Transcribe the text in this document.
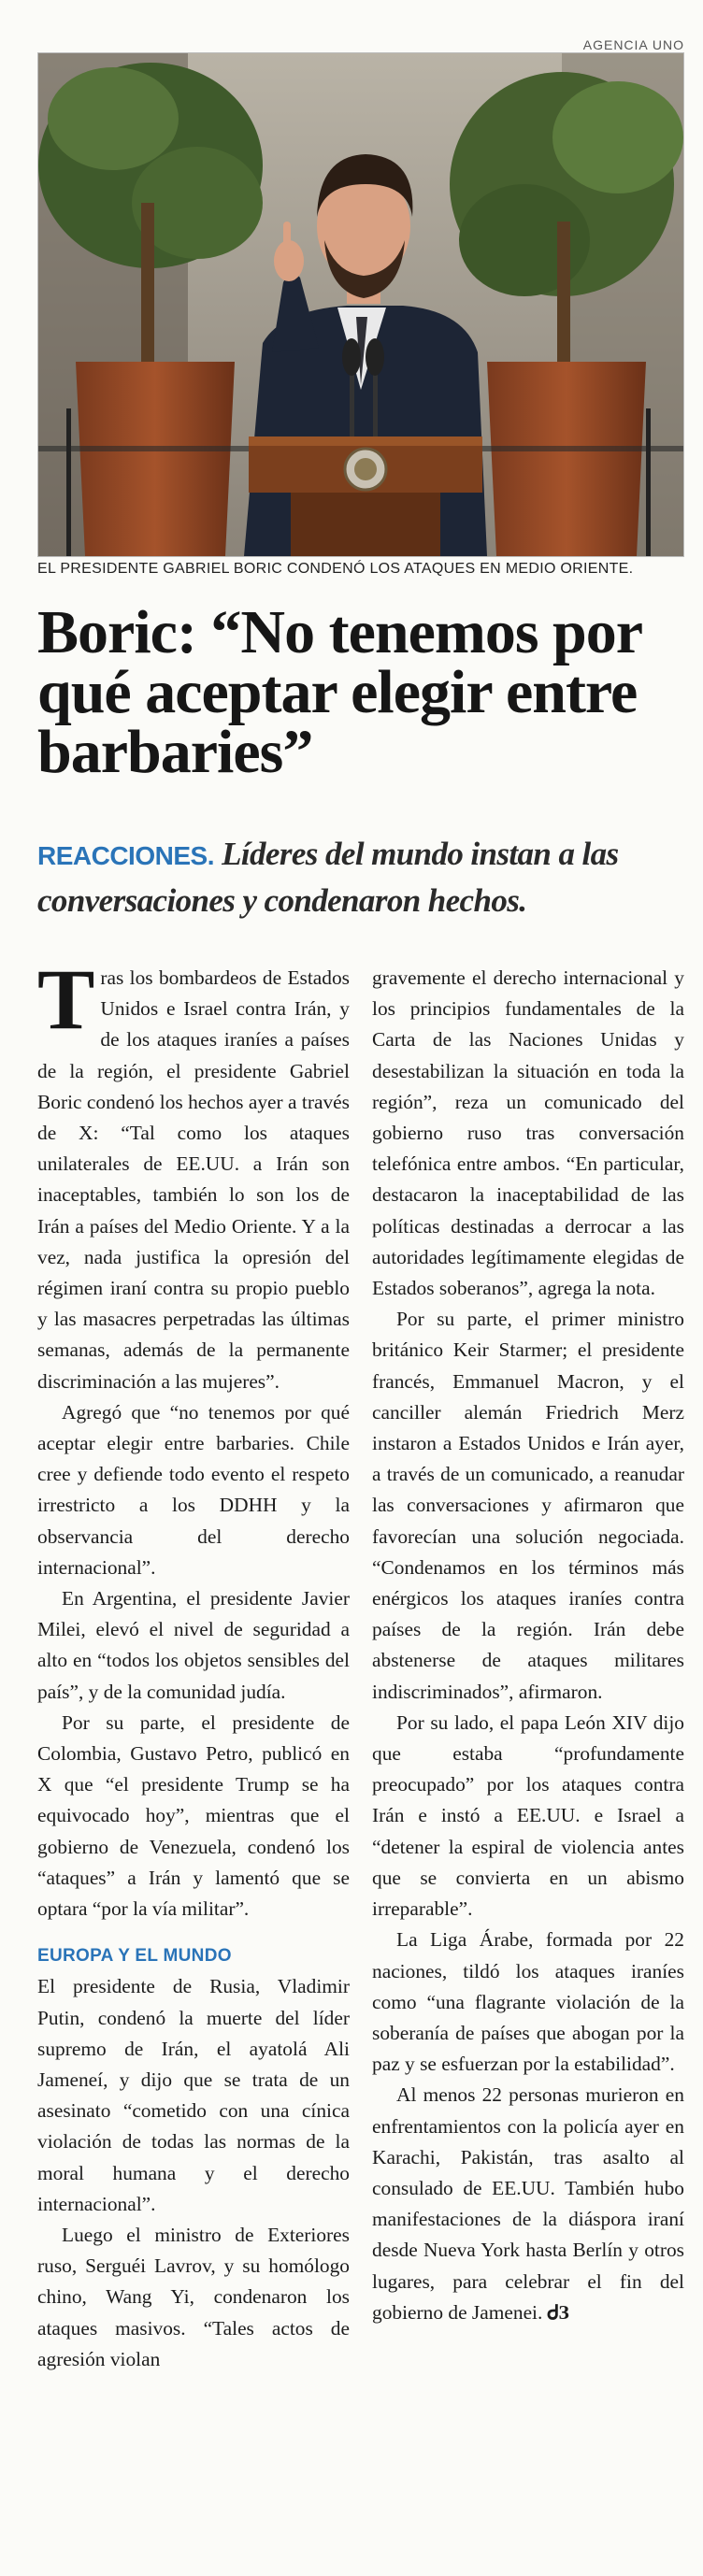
AGENCIA UNO
EL PRESIDENTE GABRIEL BORIC CONDENÓ LOS ATAQUES EN MEDIO ORIENTE.
Boric: “No tenemos por qué aceptar elegir entre barbaries”
REACCIONES. Líderes del mundo instan a las conversaciones y condenaron hechos.

Tras los bombardeos de Estados Unidos e Israel contra Irán, y de los ataques iraníes a países de la región, el presidente Gabriel Boric condenó los hechos ayer a través de X: “Tal como los ataques unilaterales de EE.UU. a Irán son inaceptables, también lo son los de Irán a países del Medio Oriente. Y a la vez, nada justifica la opresión del régimen iraní contra su propio pueblo y las masacres perpetradas las últimas semanas, además de la permanente discriminación a las mujeres”.

Agregó que “no tenemos por qué aceptar elegir entre barbaries. Chile cree y defiende todo evento el respeto irrestricto a los DDHH y la observancia del derecho internacional”.

En Argentina, el presidente Javier Milei, elevó el nivel de seguridad a alto en “todos los objetos sensibles del país”, y de la comunidad judía.

Por su parte, el presidente de Colombia, Gustavo Petro, publicó en X que “el presidente Trump se ha equivocado hoy”, mientras que el gobierno de Venezuela, condenó los “ataques” a Irán y lamentó que se optara “por la vía militar”.

EUROPA Y EL MUNDO

El presidente de Rusia, Vladimir Putin, condenó la muerte del líder supremo de Irán, el ayatolá Ali Jameneí, y dijo que se trata de un asesinato “cometido con una cínica violación de todas las normas de la moral humana y el derecho internacional”.

Luego el ministro de Exteriores ruso, Serguéi Lavrov, y su homólogo chino, Wang Yi, condenaron los ataques masivos. “Tales actos de agresión violan

gravemente el derecho internacional y los principios fundamentales de la Carta de las Naciones Unidas y desestabilizan la situación en toda la región”, reza un comunicado del gobierno ruso tras conversación telefónica entre ambos. “En particular, destacaron la inaceptabilidad de las políticas destinadas a derrocar a las autoridades legítimamente elegidas de Estados soberanos”, agrega la nota.

Por su parte, el primer ministro británico Keir Starmer; el presidente francés, Emmanuel Macron, y el canciller alemán Friedrich Merz instaron a Estados Unidos e Irán ayer, a través de un comunicado, a reanudar las conversaciones y afirmaron que favorecían una solución negociada. “Condenamos en los términos más enérgicos los ataques iraníes contra países de la región. Irán debe abstenerse de ataques militares indiscriminados”, afirmaron.

Por su lado, el papa León XIV dijo que estaba “profundamente preocupado” por los ataques contra Irán e instó a EE.UU. e Israel a “detener la espiral de violencia antes que se convierta en un abismo irreparable”.

La Liga Árabe, formada por 22 naciones, tildó los ataques iraníes como “una flagrante violación de la soberanía de países que abogan por la paz y se esfuerzan por la estabilidad”.

Al menos 22 personas murieron en enfrentamientos con la policía ayer en Karachi, Pakistán, tras asalto al consulado de EE.UU. También hubo manifestaciones de la diáspora iraní desde Nueva York hasta Berlín y otros lugares, para celebrar el fin del gobierno de Jamenei. ᏧЗ
